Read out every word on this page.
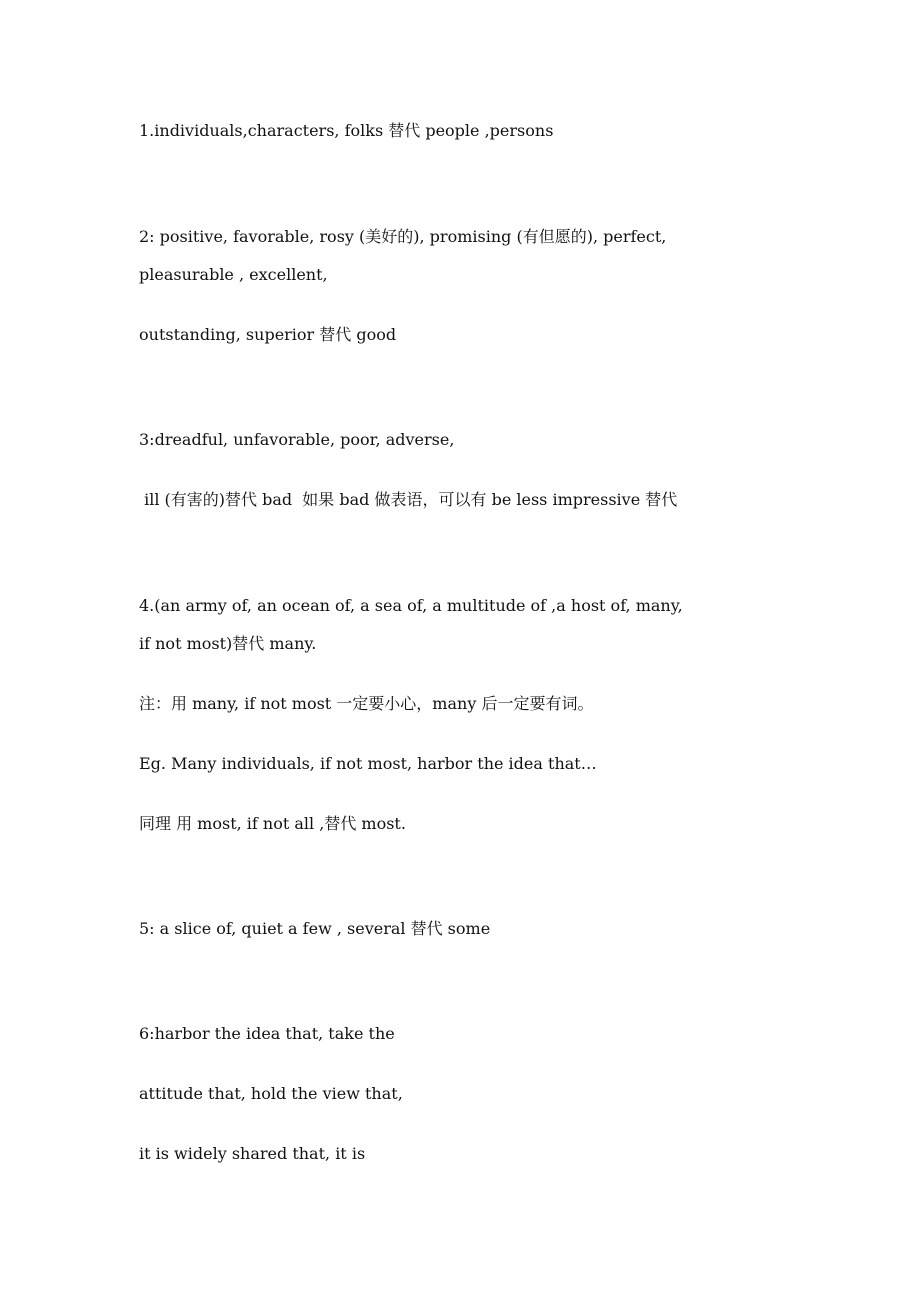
1.individuals,characters, folks 替代 people ,persons
2: positive, favorable, rosy (美好的), promising (有但愿的), perfect,
pleasurable , excellent,
outstanding, superior 替代 good
3:dreadful, unfavorable, poor, adverse,
ill (有害的)替代 bad  如果 bad 做表语，可以有 be less impressive 替代
4.(an army of, an ocean of, a sea of, a multitude of ,a host of, many,
if not most)替代 many.
注：用 many, if not most 一定要小心，many 后一定要有词。
Eg. Many individuals, if not most, harbor the idea that…
同理 用 most, if not all ,替代 most.
5: a slice of, quiet a few , several 替代 some
6:harbor the idea that, take the
attitude that, hold the view that,
it is widely shared that, it is
